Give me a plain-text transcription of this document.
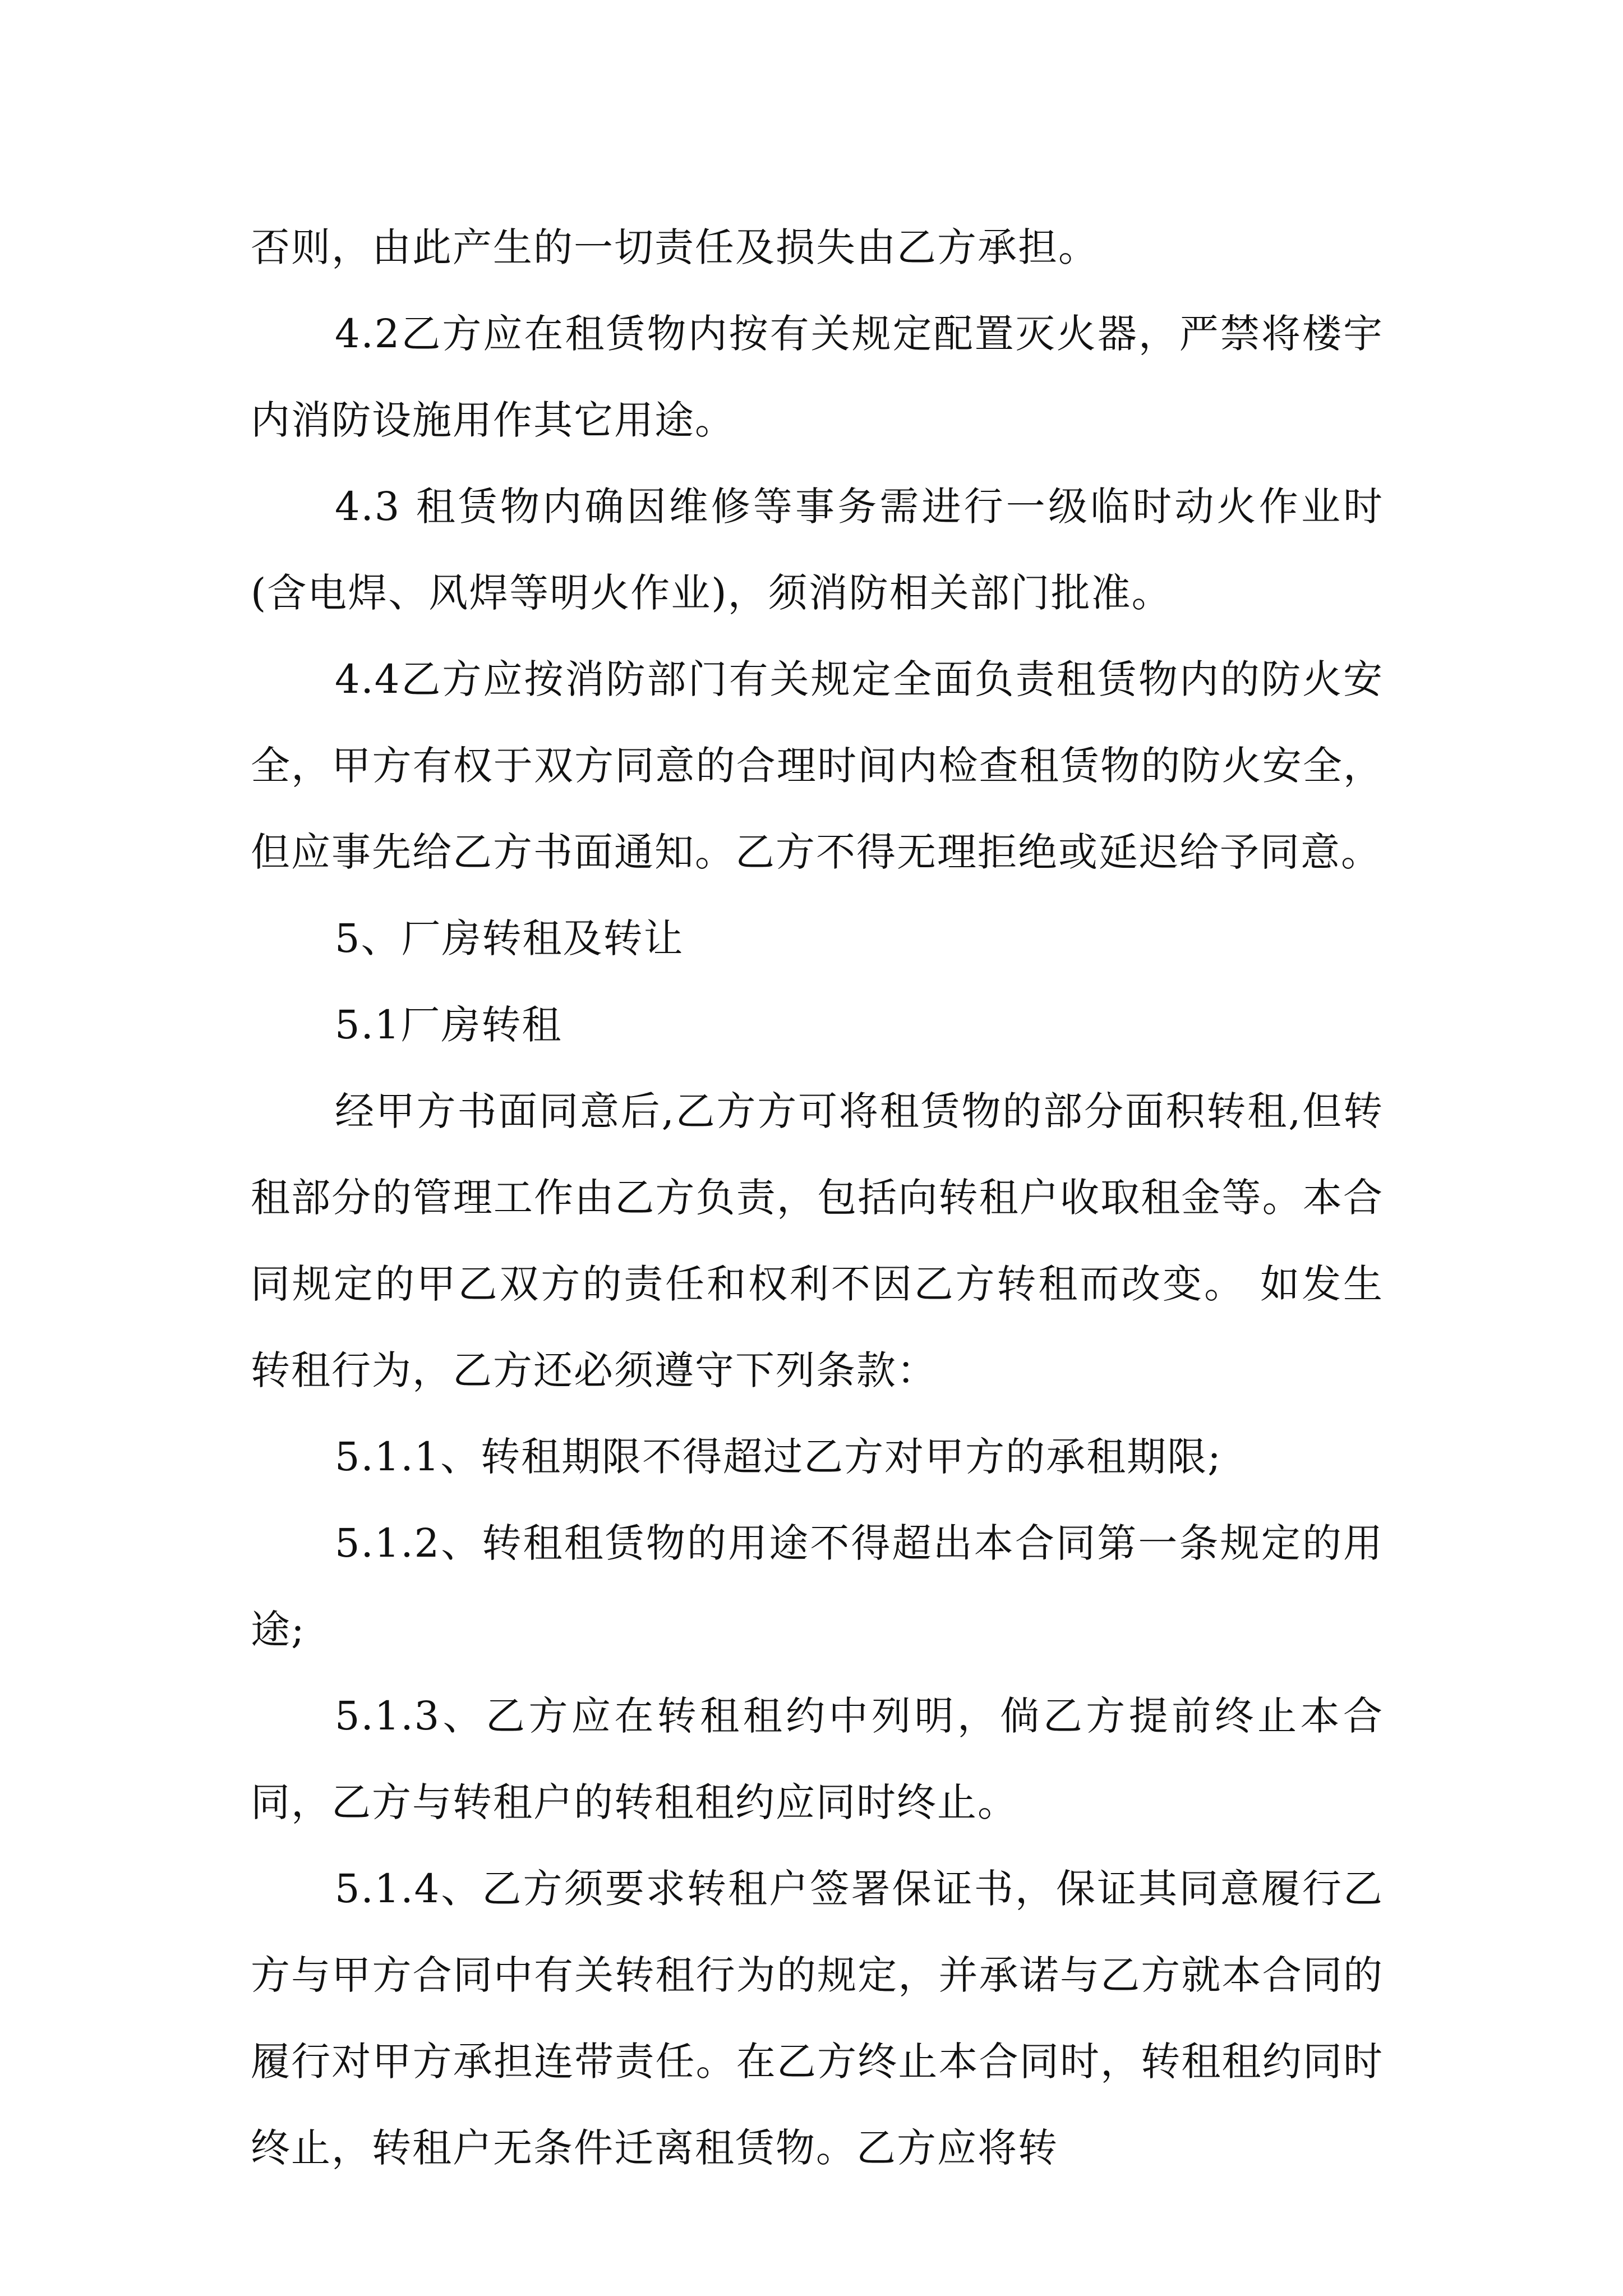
否则，由此产生的一切责任及损失由乙方承担。

4.2乙方应在租赁物内按有关规定配置灭火器，严禁将楼宇内消防设施用作其它用途。

4.3 租赁物内确因维修等事务需进行一级临时动火作业时(含电焊、风焊等明火作业)，须消防相关部门批准。

4.4乙方应按消防部门有关规定全面负责租赁物内的防火安全，甲方有权于双方同意的合理时间内检查租赁物的防火安全，但应事先给乙方书面通知。乙方不得无理拒绝或延迟给予同意。

5、厂房转租及转让

5.1厂房转租

经甲方书面同意后,乙方方可将租赁物的部分面积转租,但转租部分的管理工作由乙方负责，包括向转租户收取租金等。本合同规定的甲乙双方的责任和权利不因乙方转租而改变。 如发生转租行为，乙方还必须遵守下列条款：

5.1.1、转租期限不得超过乙方对甲方的承租期限;

5.1.2、转租租赁物的用途不得超出本合同第一条规定的用途;

5.1.3、乙方应在转租租约中列明，倘乙方提前终止本合同，乙方与转租户的转租租约应同时终止。

5.1.4、乙方须要求转租户签署保证书，保证其同意履行乙方与甲方合同中有关转租行为的规定，并承诺与乙方就本合同的履行对甲方承担连带责任。在乙方终止本合同时，转租租约同时终止，转租户无条件迁离租赁物。乙方应将转
